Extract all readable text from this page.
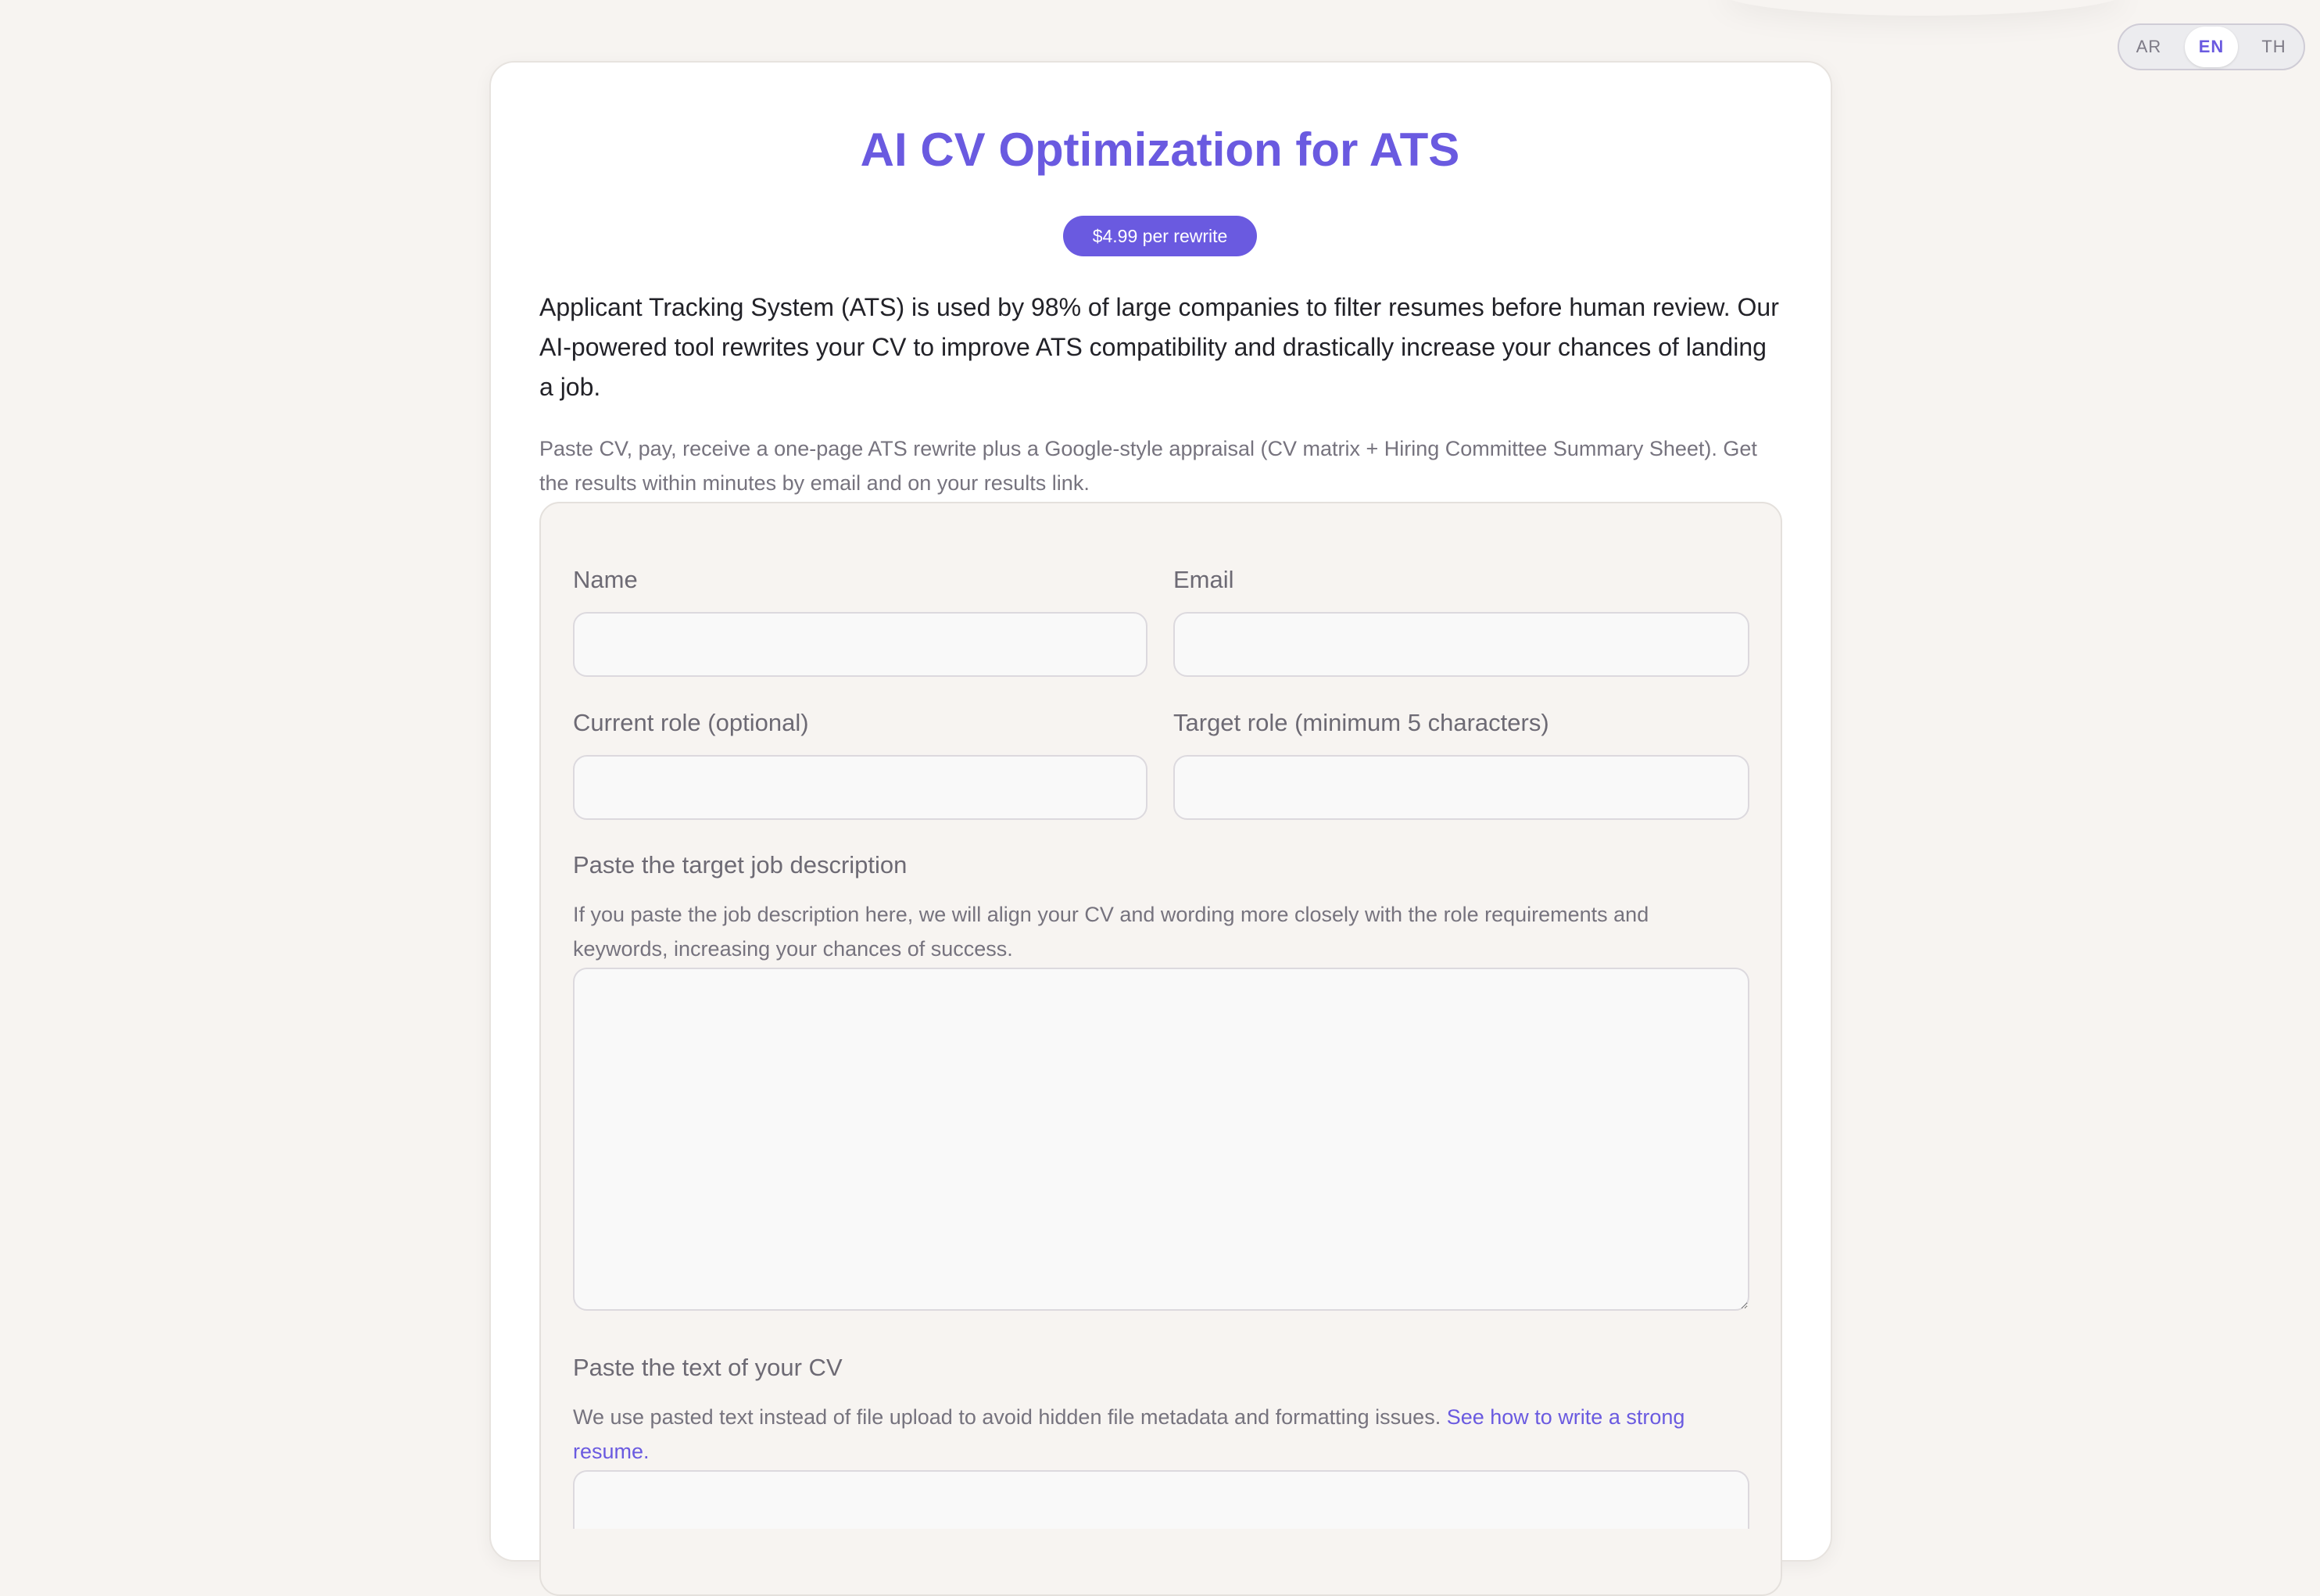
AR	EN	TH
AI CV Optimization for ATS
$4.99 per rewrite

Applicant Tracking System (ATS) is used by 98% of large companies to filter resumes before human review. Our AI-powered tool rewrites your CV to improve ATS compatibility and drastically increase your chances of landing a job.

Paste CV, pay, receive a one-page ATS rewrite plus a Google-style appraisal (CV matrix + Hiring Committee Summary Sheet). Get the results within minutes by email and on your results link.

Name	Email
Current role (optional)	Target role (minimum 5 characters)
Paste the target job description
If you paste the job description here, we will align your CV and wording more closely with the role requirements and keywords, increasing your chances of success.
Paste the text of your CV
We use pasted text instead of file upload to avoid hidden file metadata and formatting issues. See how to write a strong resume.
